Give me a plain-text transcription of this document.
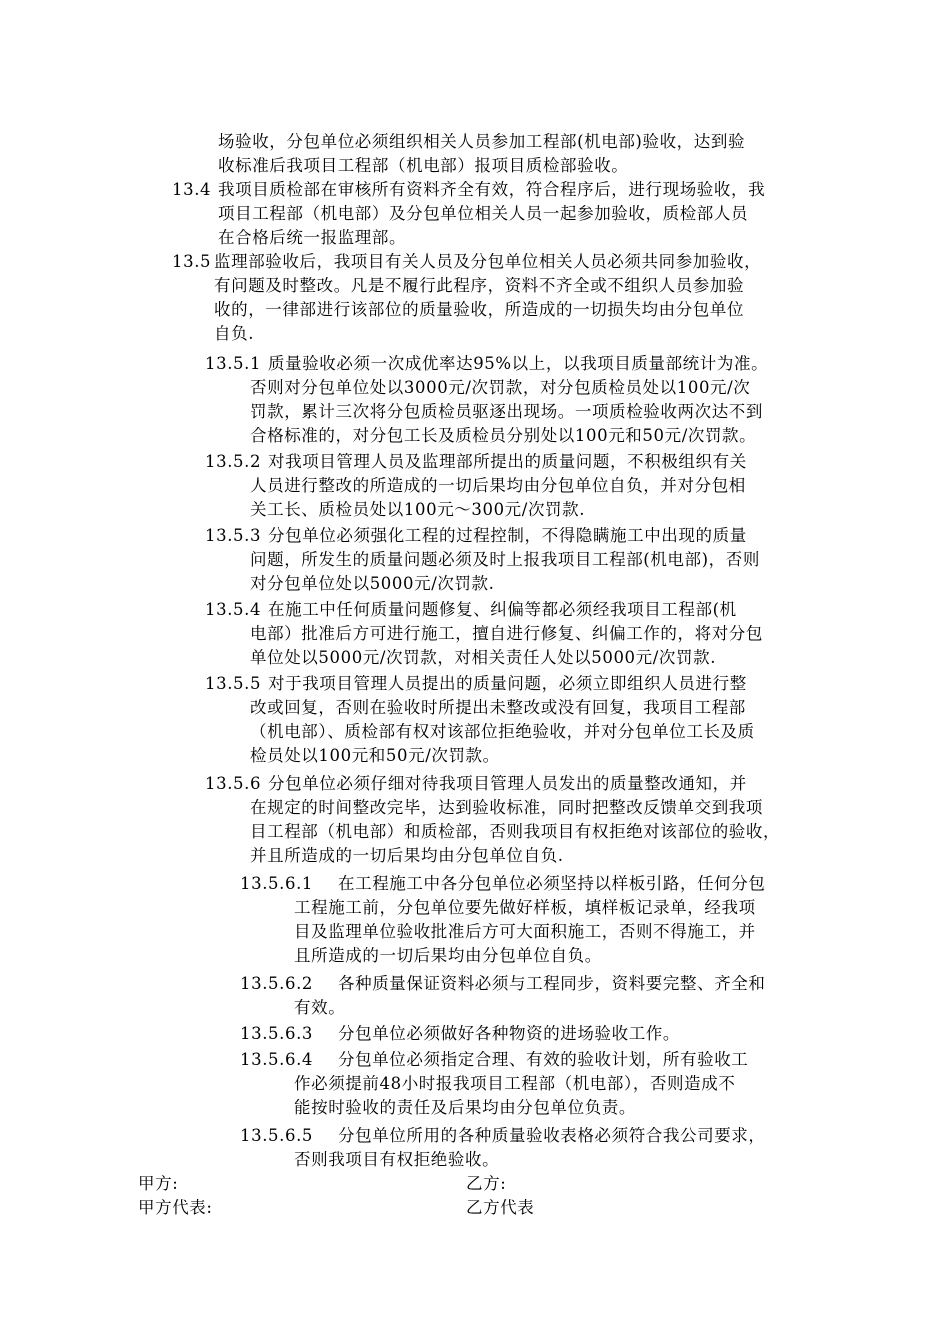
场验收，分包单位必须组织相关人员参加工程部(机电部)验收，达到验
收标准后我项目工程部（机电部）报项目质检部验收。
13.4 我项目质检部在审核所有资料齐全有效，符合程序后，进行现场验收，我
项目工程部（机电部）及分包单位相关人员一起参加验收，质检部人员
在合格后统一报监理部。
13.5 监理部验收后，我项目有关人员及分包单位相关人员必须共同参加验收，
有问题及时整改。凡是不履行此程序，资料不齐全或不组织人员参加验
收的，一律部进行该部位的质量验收，所造成的一切损失均由分包单位
自负.
13.5.1 质量验收必须一次成优率达95%以上，以我项目质量部统计为准。
否则对分包单位处以3000元/次罚款，对分包质检员处以100元/次
罚款，累计三次将分包质检员驱逐出现场。一项质检验收两次达不到
合格标准的，对分包工长及质检员分别处以100元和50元/次罚款。
13.5.2 对我项目管理人员及监理部所提出的质量问题，不积极组织有关
人员进行整改的所造成的一切后果均由分包单位自负，并对分包相
关工长、质检员处以100元～300元/次罚款.
13.5.3 分包单位必须强化工程的过程控制，不得隐瞒施工中出现的质量
问题，所发生的质量问题必须及时上报我项目工程部(机电部)，否则
对分包单位处以5000元/次罚款.
13.5.4 在施工中任何质量问题修复、纠偏等都必须经我项目工程部(机
电部）批准后方可进行施工，擅自进行修复、纠偏工作的，将对分包
单位处以5000元/次罚款，对相关责任人处以5000元/次罚款.
13.5.5 对于我项目管理人员提出的质量问题，必须立即组织人员进行整
改或回复，否则在验收时所提出未整改或没有回复，我项目工程部
（机电部）、质检部有权对该部位拒绝验收，并对分包单位工长及质
检员处以100元和50元/次罚款。
13.5.6 分包单位必须仔细对待我项目管理人员发出的质量整改通知，并
在规定的时间整改完毕，达到验收标准，同时把整改反馈单交到我项
目工程部（机电部）和质检部，否则我项目有权拒绝对该部位的验收，
并且所造成的一切后果均由分包单位自负.
13.5.6.1 在工程施工中各分包单位必须坚持以样板引路，任何分包
工程施工前，分包单位要先做好样板，填样板记录单，经我项
目及监理单位验收批准后方可大面积施工，否则不得施工，并
且所造成的一切后果均由分包单位自负。
13.5.6.2 各种质量保证资料必须与工程同步，资料要完整、齐全和
有效。
13.5.6.3 分包单位必须做好各种物资的进场验收工作。
13.5.6.4 分包单位必须指定合理、有效的验收计划，所有验收工
作必须提前48小时报我项目工程部（机电部），否则造成不
能按时验收的责任及后果均由分包单位负责。
13.5.6.5 分包单位所用的各种质量验收表格必须符合我公司要求，
否则我项目有权拒绝验收。
甲方:	乙方:
甲方代表:	乙方代表
